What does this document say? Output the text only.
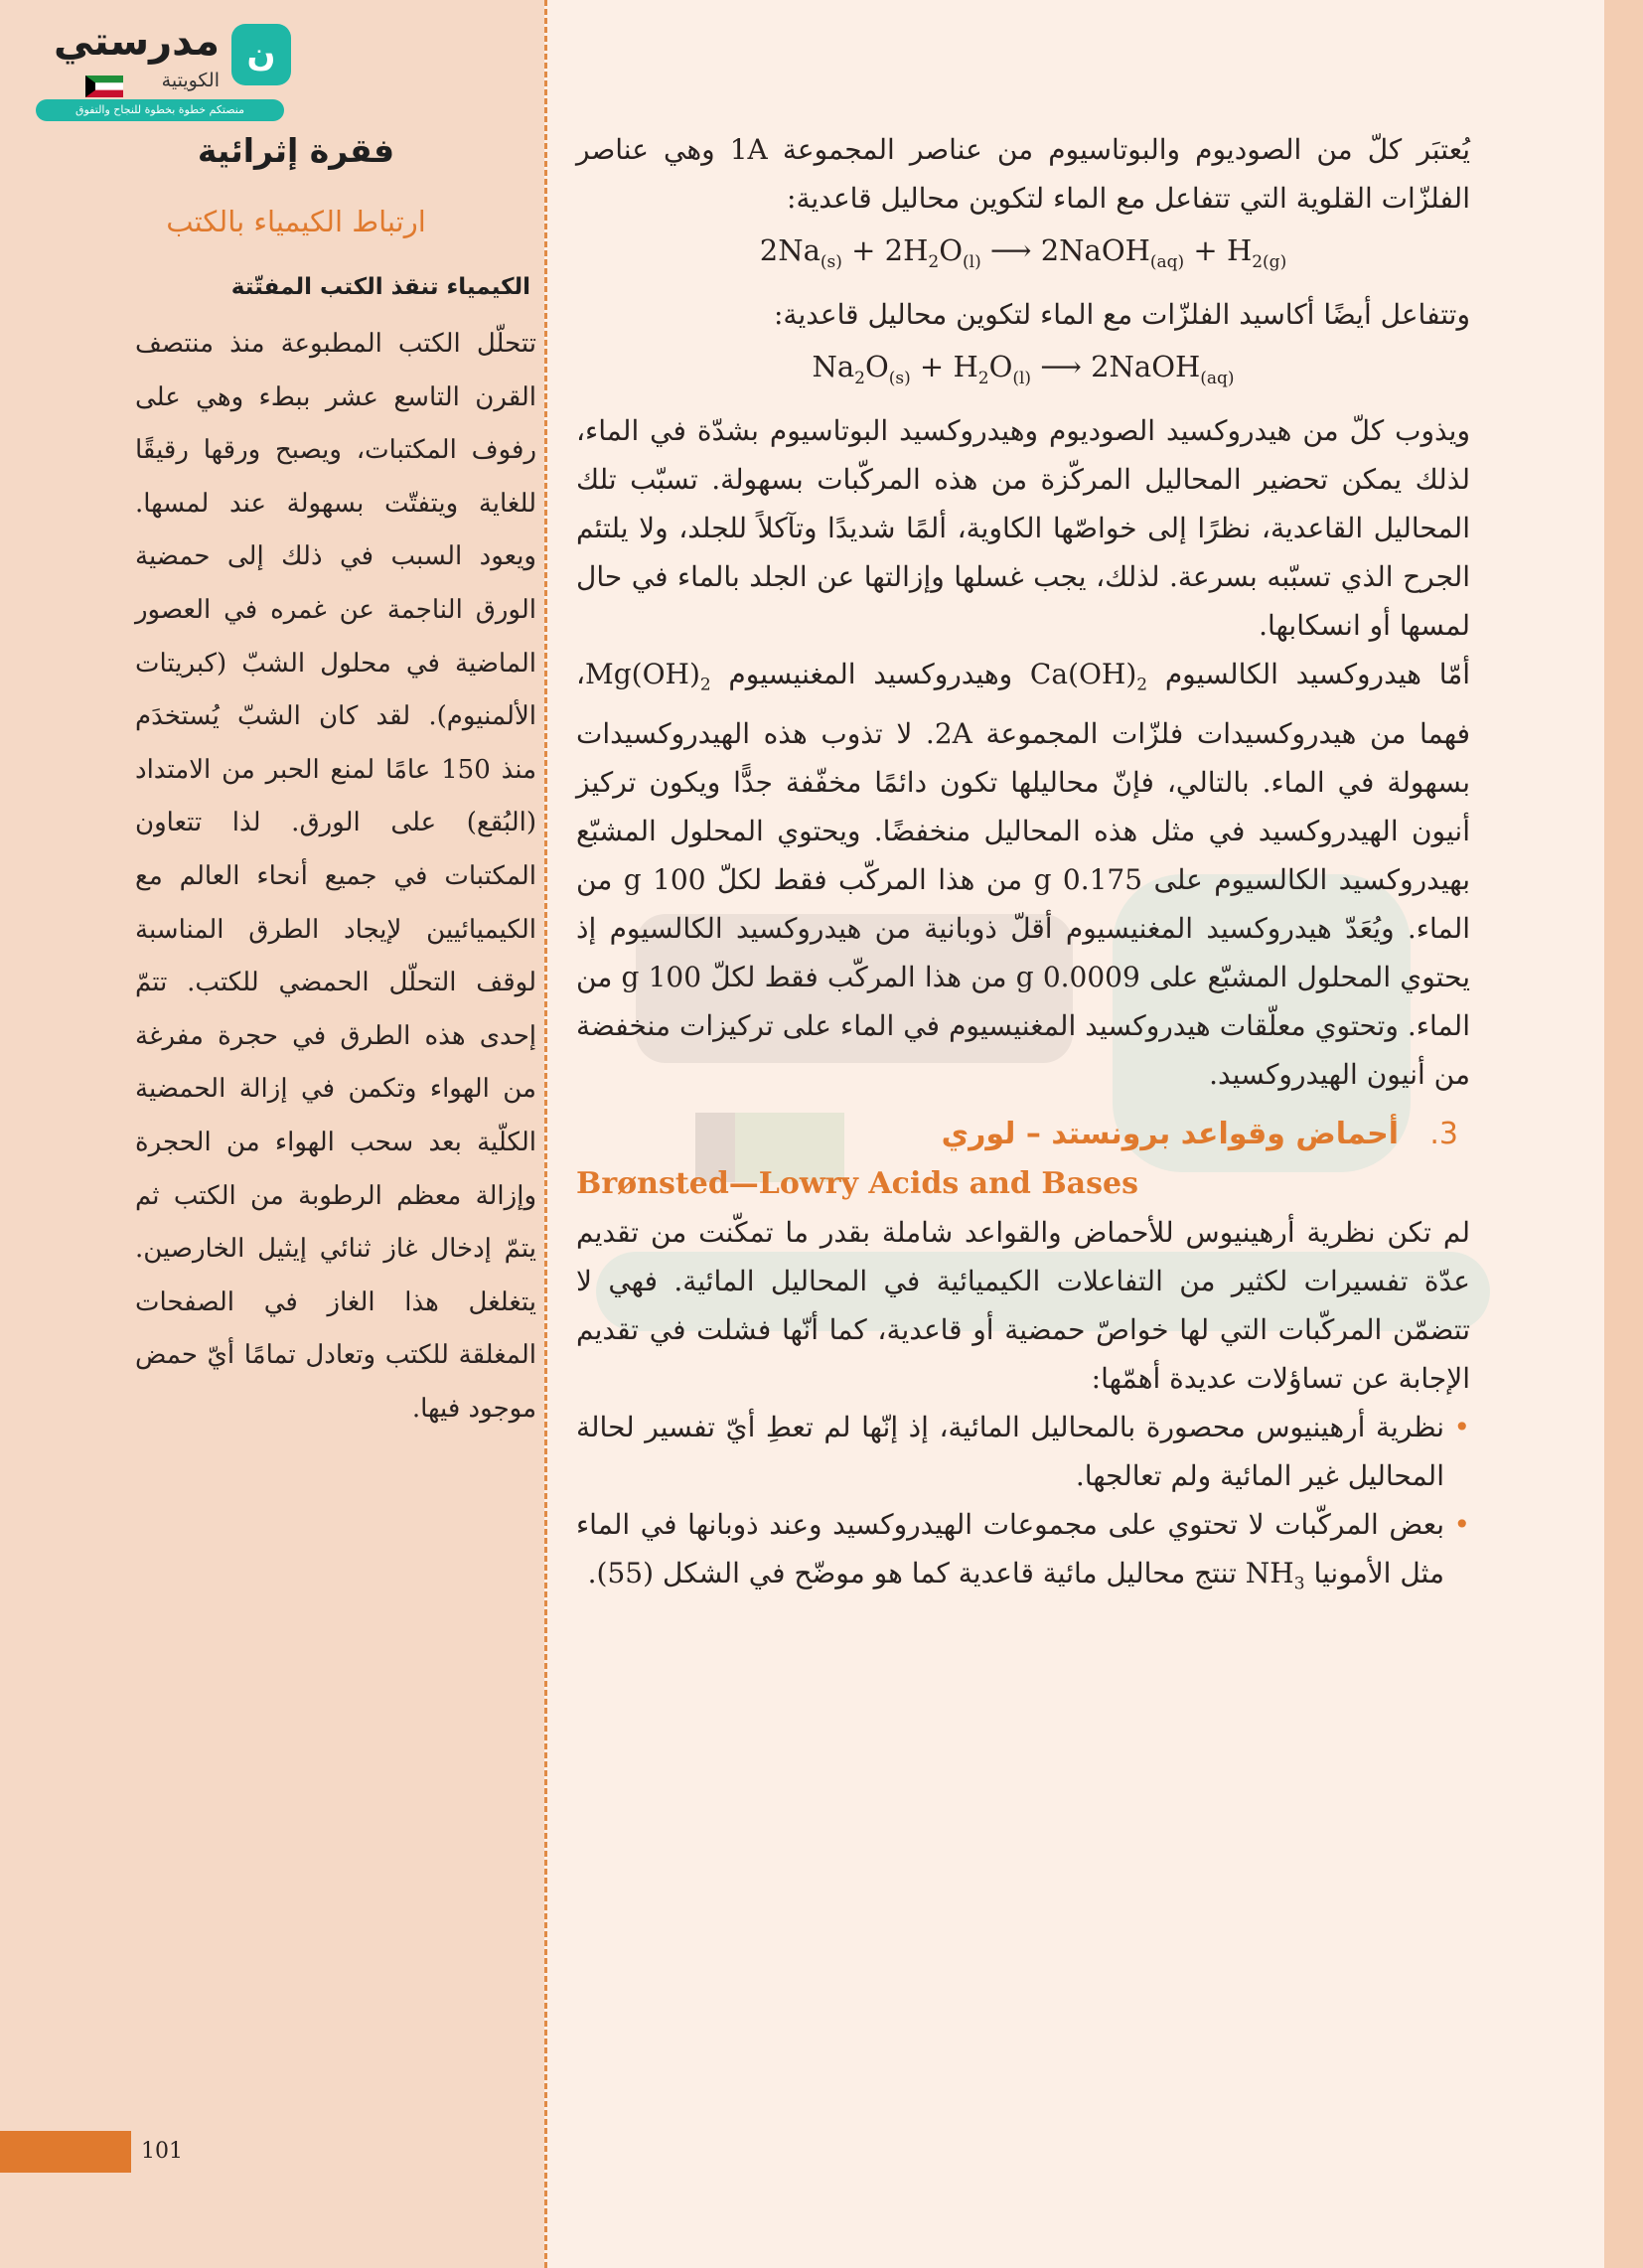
ن
مدرستي
الكويتية
منصتكم خطوة بخطوة للنجاح والتفوق
فقرة إثرائية
ارتباط الكيمياء بالكتب
الكيمياء تنقذ الكتب المفتّتة
تتحلّل الكتب المطبوعة منذ منتصف القرن التاسع عشر ببطء وهي على رفوف المكتبات، ويصبح ورقها رقيقًا للغاية ويتفتّت بسهولة عند لمسها. ويعود السبب في ذلك إلى حمضية الورق الناجمة عن غمره في العصور الماضية في محلول الشبّ (كبريتات الألمنيوم). لقد كان الشبّ يُستخدَم منذ 150 عامًا لمنع الحبر من الامتداد (البُقع) على الورق. لذا تتعاون المكتبات في جميع أنحاء العالم مع الكيميائيين لإيجاد الطرق المناسبة لوقف التحلّل الحمضي للكتب. تتمّ إحدى هذه الطرق في حجرة مفرغة من الهواء وتكمن في إزالة الحمضية الكلّية بعد سحب الهواء من الحجرة وإزالة معظم الرطوبة من الكتب ثم يتمّ إدخال غاز ثنائي إيثيل الخارصين. يتغلغل هذا الغاز في الصفحات المغلقة للكتب وتعادل تمامًا أيّ حمض موجود فيها.
101

يُعتبَر كلّ من الصوديوم والبوتاسيوم من عناصر المجموعة 1A وهي عناصر الفلزّات القلوية التي تتفاعل مع الماء لتكوين محاليل قاعدية:

$2Na_{(s)} + 2H_2O_{(l)}$ ⟶ 2NaOH$_{(aq)}$ + $H_{2(g)}$

وتتفاعل أيضًا أكاسيد الفلزّات مع الماء لتكوين محاليل قاعدية:

$Na_2O_{(s)} + H_2O_{(l)}$ ⟶ 2NaOH$_{(aq)}$

ويذوب كلّ من هيدروكسيد الصوديوم وهيدروكسيد البوتاسيوم بشدّة في الماء، لذلك يمكن تحضير المحاليل المركّزة من هذه المركّبات بسهولة. تسبّب تلك المحاليل القاعدية، نظرًا إلى خواصّها الكاوية، ألمًا شديدًا وتآكلاً للجلد، ولا يلتئم الجرح الذي تسبّبه بسرعة. لذلك، يجب غسلها وإزالتها عن الجلد بالماء في حال لمسها أو انسكابها.

أمّا هيدروكسيد الكالسيوم $Ca(OH)_2$ وهيدروكسيد المغنيسيوم $Mg(OH)_2،$ فهما من هيدروكسيدات فلزّات المجموعة 2A. لا تذوب هذه الهيدروكسيدات بسهولة في الماء. بالتالي، فإنّ محاليلها تكون دائمًا مخفّفة جدًّا ويكون تركيز أنيون الهيدروكسيد في مثل هذه المحاليل منخفضًا. ويحتوي المحلول المشبّع بهيدروكسيد الكالسيوم على 0.175 g من هذا المركّب فقط لكلّ 100 g من الماء. ويُعَدّ هيدروكسيد المغنيسيوم أقلّ ذوبانية من هيدروكسيد الكالسيوم إذ يحتوي المحلول المشبّع على 0.0009 g من هذا المركّب فقط لكلّ 100 g من الماء. وتحتوي معلّقات هيدروكسيد المغنيسيوم في الماء على تركيزات منخفضة من أنيون الهيدروكسيد.

3.   أحماض وقواعد برونستد – لوري

Brønsted—Lowry Acids and Bases

لم تكن نظرية أرهينيوس للأحماض والقواعد شاملة بقدر ما تمكّنت من تقديم عدّة تفسيرات لكثير من التفاعلات الكيميائية في المحاليل المائية. فهي لا تتضمّن المركّبات التي لها خواصّ حمضية أو قاعدية، كما أنّها فشلت في تقديم الإجابة عن تساؤلات عديدة أهمّها:

•
نظرية أرهينيوس محصورة بالمحاليل المائية، إذ إنّها لم تعطِ أيّ تفسير لحالة المحاليل غير المائية ولم تعالجها.

•
بعض المركّبات لا تحتوي على مجموعات الهيدروكسيد وعند ذوبانها في الماء مثل الأمونيا $NH_3$ تنتج محاليل مائية قاعدية كما هو موضّح في الشكل (55).
